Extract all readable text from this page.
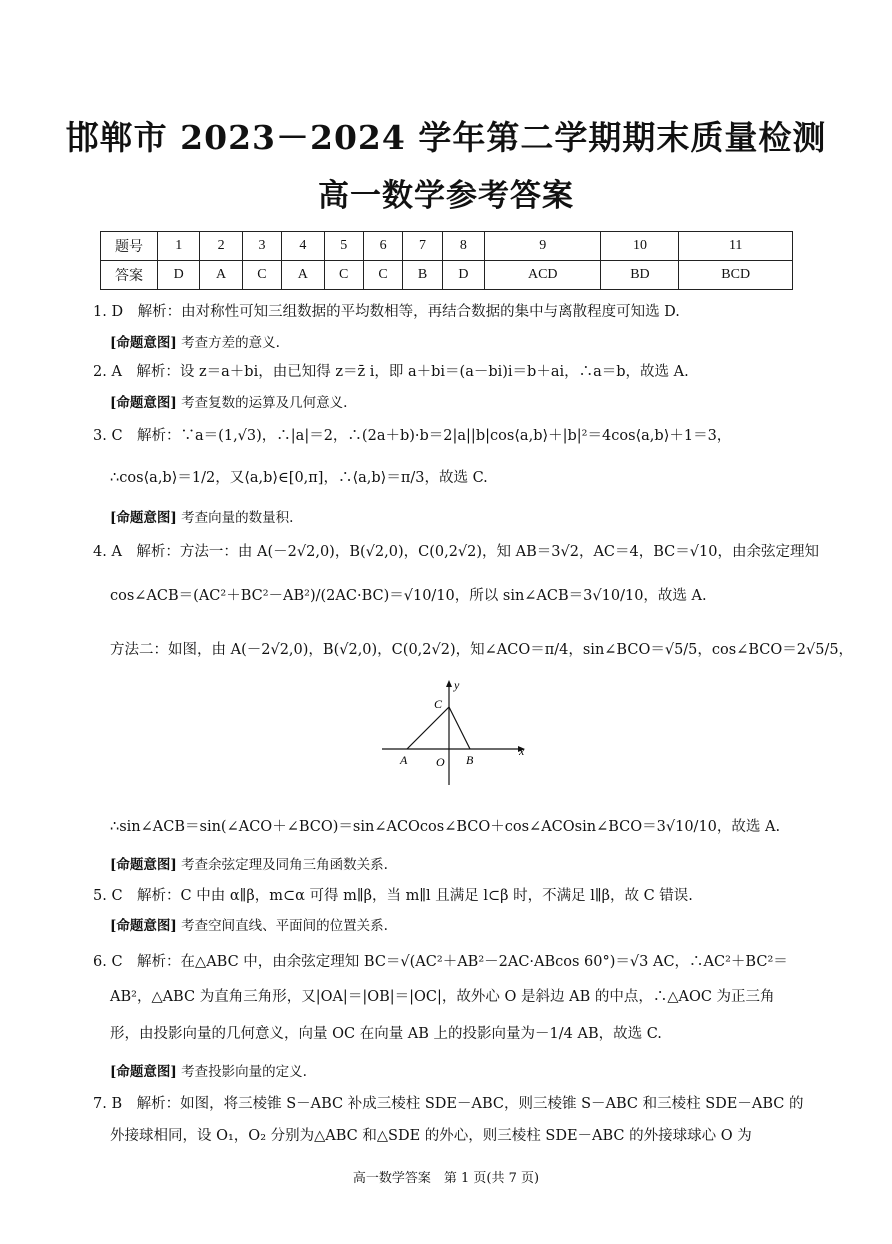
邯郸市 2023－2024 学年第二学期期末质量检测
高一数学参考答案
题号	1	2	3	4	5	6	7	8	9	10	11
答案	D	A	C	A	C	C	B	D	ACD	BD	BCD
1. D　解析：由对称性可知三组数据的平均数相等，再结合数据的集中与离散程度可知选 D.
[命题意图] 考查方差的意义.
2. A　解析：设 z＝a＋bi，由已知得 z＝z̄ i，即 a＋bi＝(a－bi)i＝b＋ai，∴a＝b，故选 A.
[命题意图] 考查复数的运算及几何意义.
3. C　解析：∵a＝(1,√3)，∴|a|＝2，∴(2a＋b)·b＝2|a||b|cos⟨a,b⟩＋|b|²＝4cos⟨a,b⟩＋1＝3，
∴cos⟨a,b⟩＝1/2，又⟨a,b⟩∈[0,π]，∴⟨a,b⟩＝π/3，故选 C.
[命题意图] 考查向量的数量积.
4. A　解析：方法一：由 A(－2√2,0)，B(√2,0)，C(0,2√2)，知 AB＝3√2，AC＝4，BC＝√10，由余弦定理知
cos∠ACB＝(AC²＋BC²－AB²)/(2AC·BC)＝√10/10，所以 sin∠ACB＝3√10/10，故选 A.
方法二：如图，由 A(－2√2,0)，B(√2,0)，C(0,2√2)，知∠ACO＝π/4，sin∠BCO＝√5/5，cos∠BCO＝2√5/5，
C
y
x
A O B
∴sin∠ACB＝sin(∠ACO＋∠BCO)＝sin∠ACOcos∠BCO＋cos∠ACOsin∠BCO＝3√10/10，故选 A.
[命题意图] 考查余弦定理及同角三角函数关系.
5. C　解析：C 中由 α∥β，m⊂α 可得 m∥β，当 m∥l 且满足 l⊂β 时，不满足 l∥β，故 C 错误.
[命题意图] 考查空间直线、平面间的位置关系.
6. C　解析：在△ABC 中，由余弦定理知 BC＝√(AC²＋AB²－2AC·ABcos 60°)＝√3 AC，∴AC²＋BC²＝
AB²，△ABC 为直角三角形，又|OA|＝|OB|＝|OC|，故外心 O 是斜边 AB 的中点，∴△AOC 为正三角
形，由投影向量的几何意义，向量 OC 在向量 AB 上的投影向量为－1/4 AB，故选 C.
[命题意图] 考查投影向量的定义.
7. B　解析：如图，将三棱锥 S－ABC 补成三棱柱 SDE－ABC，则三棱锥 S－ABC 和三棱柱 SDE－ABC 的
外接球相同，设 O₁，O₂ 分别为△ABC 和△SDE 的外心，则三棱柱 SDE－ABC 的外接球球心 O 为
高一数学答案　第 1 页(共 7 页)
